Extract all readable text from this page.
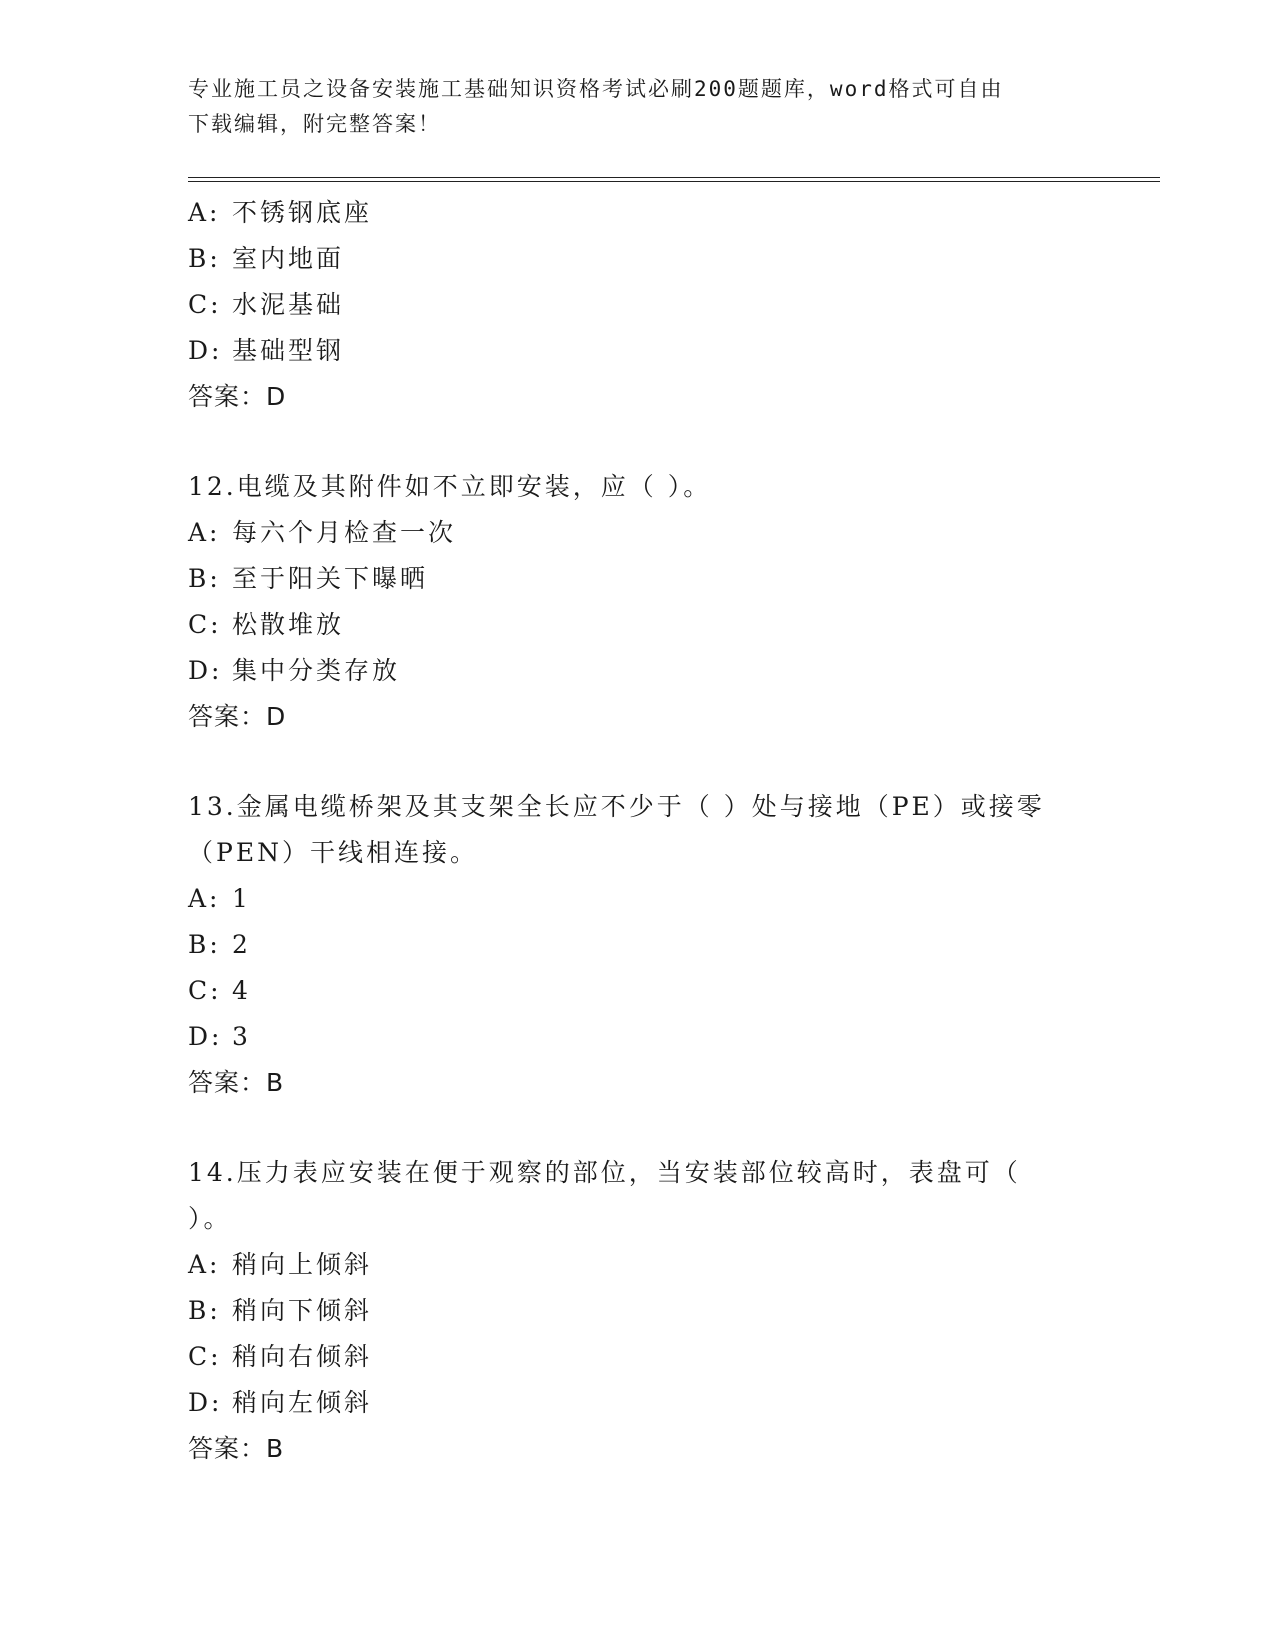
专业施工员之设备安装施工基础知识资格考试必刷200题题库，word格式可自由
下载编辑，附完整答案！
A: 不锈钢底座
B: 室内地面
C: 水泥基础
D: 基础型钢
答案：D
12.电缆及其附件如不立即安装，应（ ）。
A: 每六个月检查一次
B: 至于阳关下曝晒
C: 松散堆放
D: 集中分类存放
答案：D
13.金属电缆桥架及其支架全长应不少于（ ）处与接地（PE）或接零
（PEN）干线相连接。
A: 1
B: 2
C: 4
D: 3
答案：B
14.压力表应安装在便于观察的部位，当安装部位较高时，表盘可（
）。
A: 稍向上倾斜
B: 稍向下倾斜
C: 稍向右倾斜
D: 稍向左倾斜
答案：B
